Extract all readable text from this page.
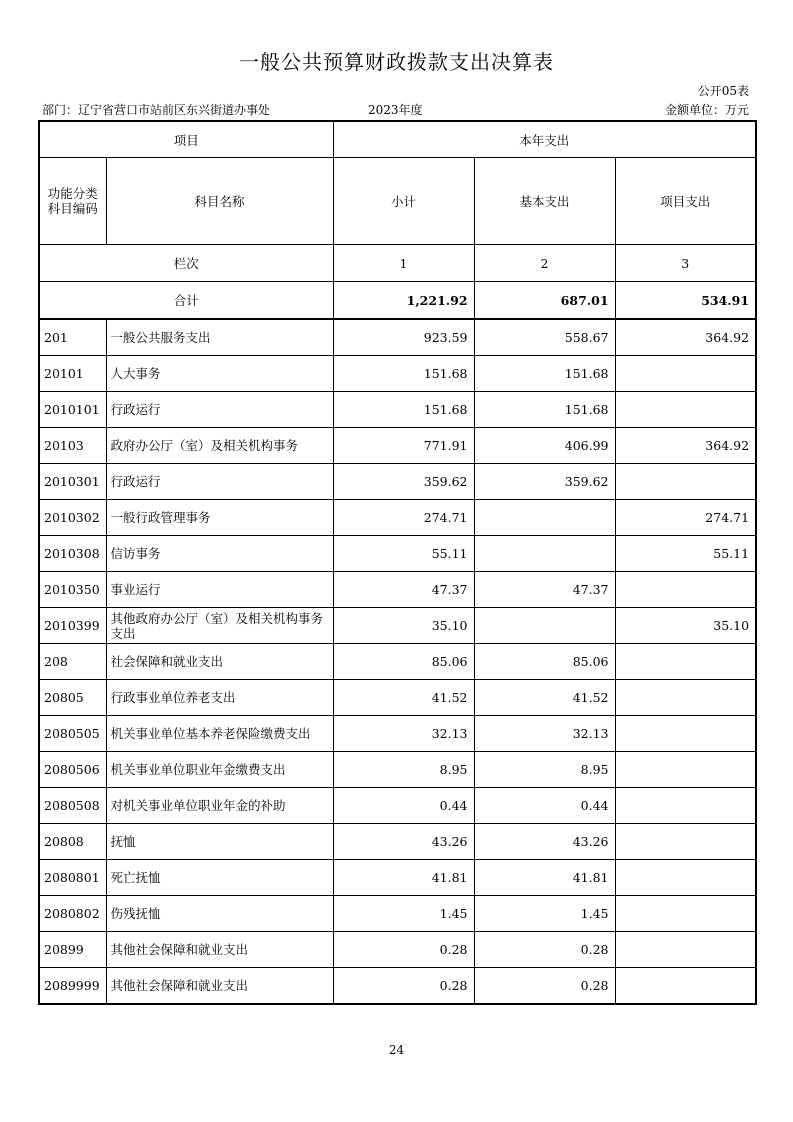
一般公共预算财政拨款支出决算表
公开05表
部门：辽宁省营口市站前区东兴街道办事处	2023年度	金额单位：万元
项目		本年支出		
功能分类科目编码	科目名称	小计	基本支出	项目支出
栏次		1	2	3
合计		1,221.92	687.01	534.91
201	一般公共服务支出	923.59	558.67	364.92
20101	人大事务	151.68	151.68	
2010101	行政运行	151.68	151.68	
20103	政府办公厅（室）及相关机构事务	771.91	406.99	364.92
2010301	行政运行	359.62	359.62	
2010302	一般行政管理事务	274.71		274.71
2010308	信访事务	55.11		55.11
2010350	事业运行	47.37	47.37	
2010399	其他政府办公厅（室）及相关机构事务支出	35.10		35.10
208	社会保障和就业支出	85.06	85.06	
20805	行政事业单位养老支出	41.52	41.52	
2080505	机关事业单位基本养老保险缴费支出	32.13	32.13	
2080506	机关事业单位职业年金缴费支出	8.95	8.95	
2080508	对机关事业单位职业年金的补助	0.44	0.44	
20808	抚恤	43.26	43.26	
2080801	死亡抚恤	41.81	41.81	
2080802	伤残抚恤	1.45	1.45	
20899	其他社会保障和就业支出	0.28	0.28	
2089999	其他社会保障和就业支出	0.28	0.28	
24
